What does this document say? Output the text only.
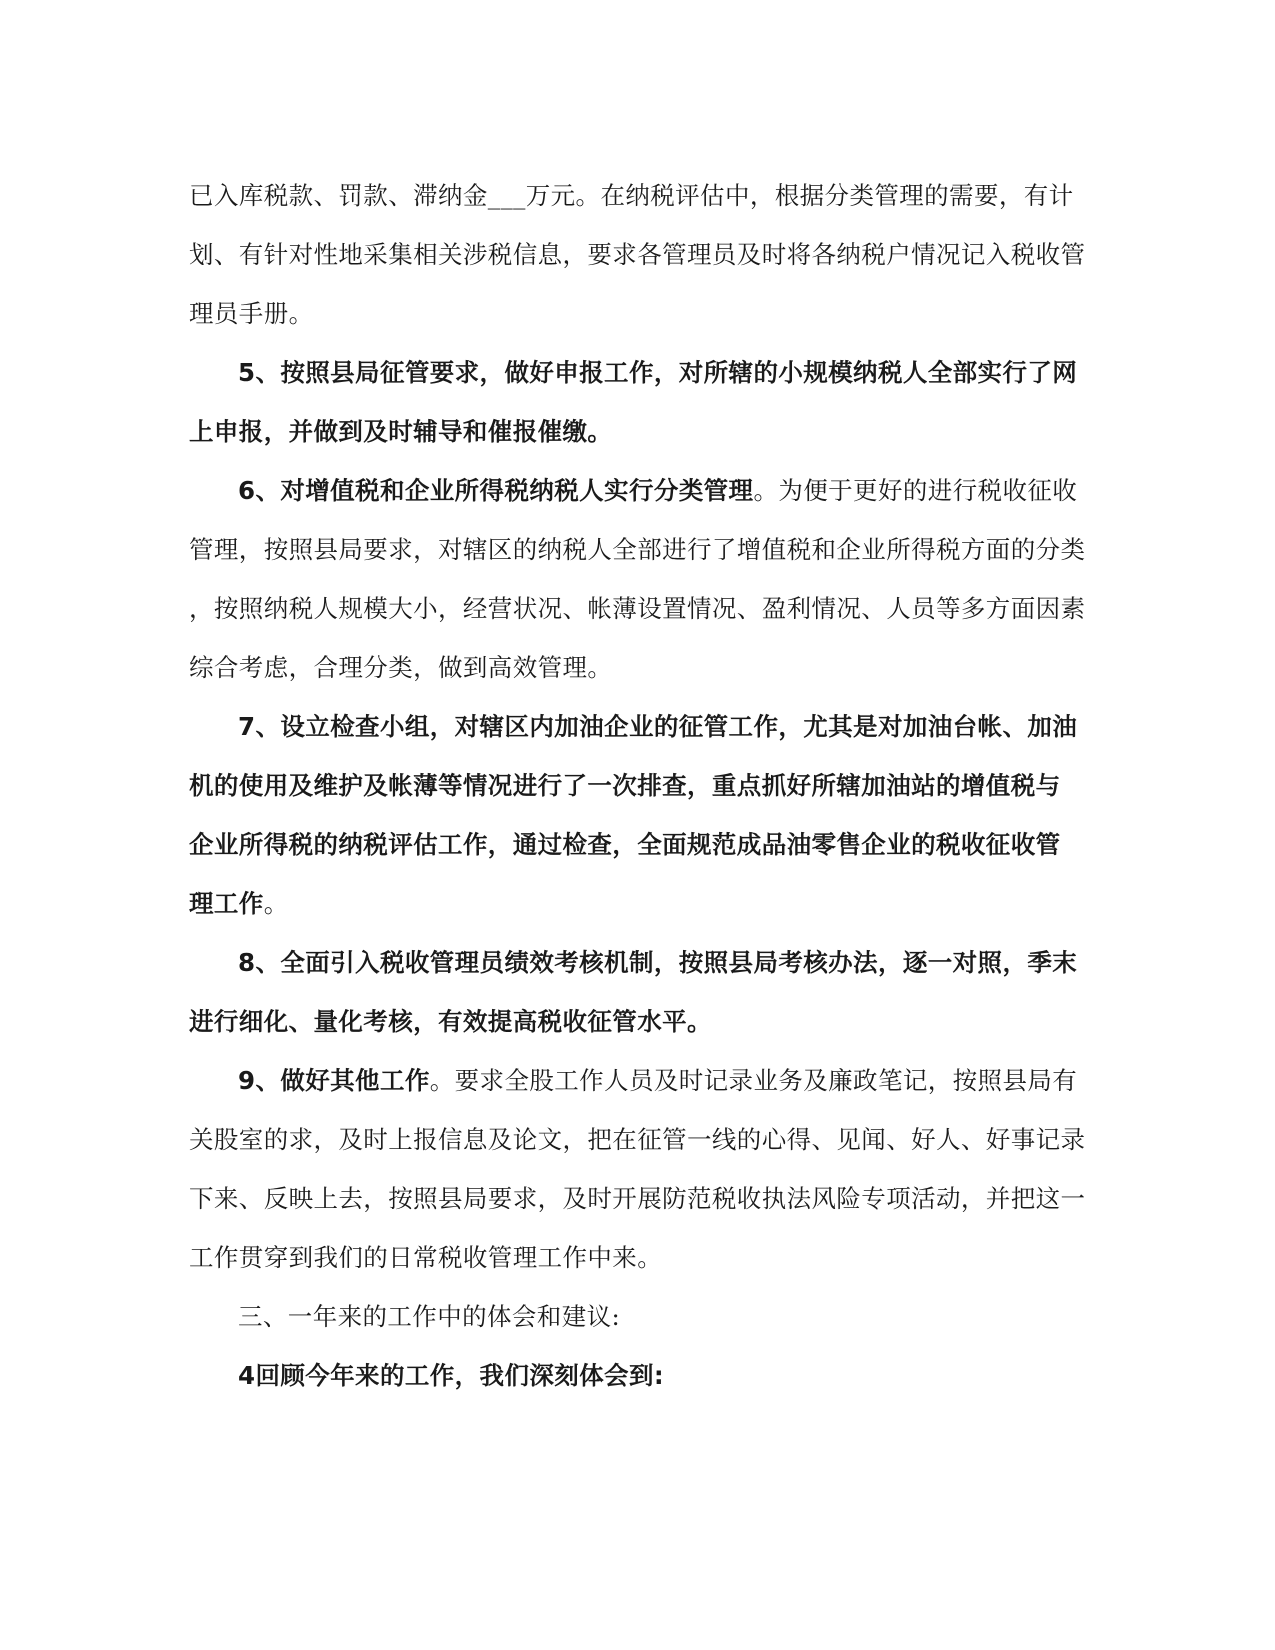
已入库税款、罚款、滞纳金___万元。在纳税评估中，根据分类管理的需要，有计
划、有针对性地采集相关涉税信息，要求各管理员及时将各纳税户情况记入税收管
理员手册。
5、按照县局征管要求，做好申报工作，对所辖的小规模纳税人全部实行了网
上申报，并做到及时辅导和催报催缴。
6、对增值税和企业所得税纳税人实行分类管理。为便于更好的进行税收征收
管理，按照县局要求，对辖区的纳税人全部进行了增值税和企业所得税方面的分类
，按照纳税人规模大小，经营状况、帐薄设置情况、盈利情况、人员等多方面因素
综合考虑，合理分类，做到高效管理。
7、设立检查小组，对辖区内加油企业的征管工作，尤其是对加油台帐、加油
机的使用及维护及帐薄等情况进行了一次排查，重点抓好所辖加油站的增值税与
企业所得税的纳税评估工作，通过检查，全面规范成品油零售企业的税收征收管
理工作。
8、全面引入税收管理员绩效考核机制，按照县局考核办法，逐一对照，季末
进行细化、量化考核，有效提高税收征管水平。
9、做好其他工作。要求全股工作人员及时记录业务及廉政笔记，按照县局有
关股室的求，及时上报信息及论文，把在征管一线的心得、见闻、好人、好事记录
下来、反映上去，按照县局要求，及时开展防范税收执法风险专项活动，并把这一
工作贯穿到我们的日常税收管理工作中来。
三、一年来的工作中的体会和建议:
4回顾今年来的工作，我们深刻体会到:
